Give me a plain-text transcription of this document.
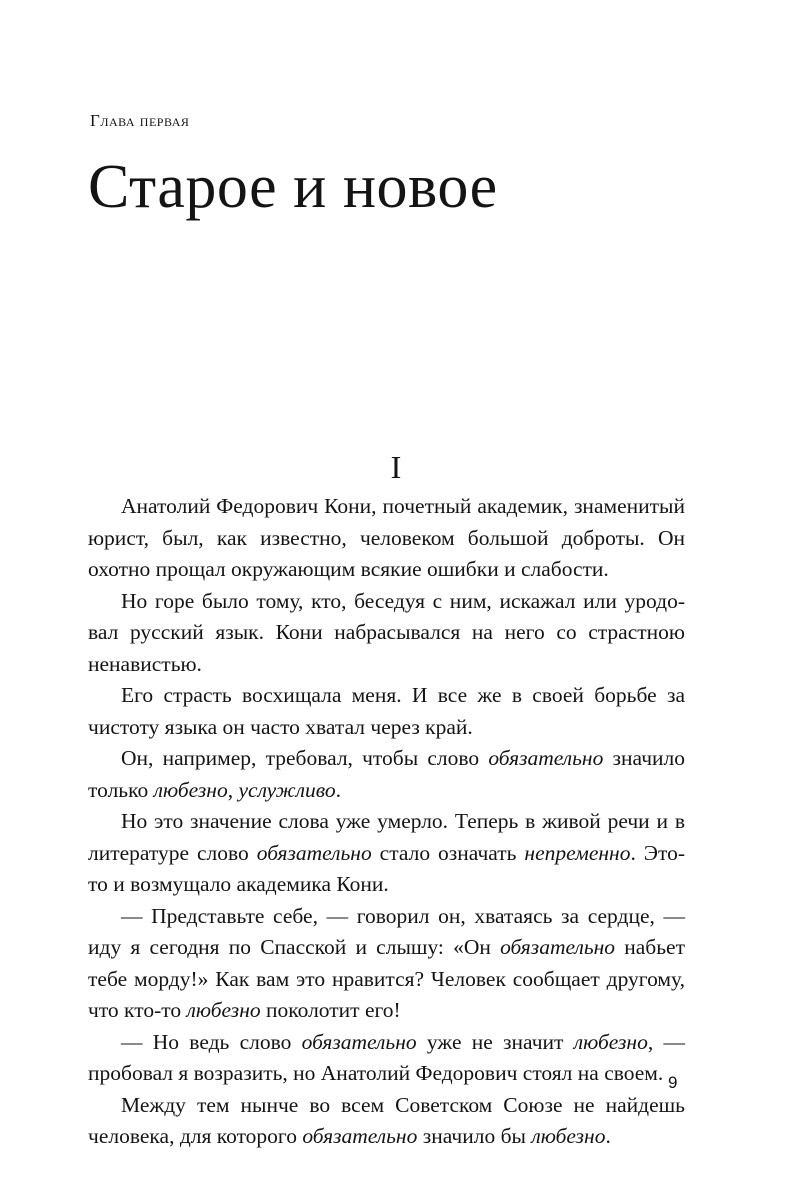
Глава первая
Старое и новое
I

Анатолий Федорович Кони, почетный академик, знаменитый юрист, был, как известно, человеком большой доброты. Он охотно прощал окружающим всякие ошибки и слабости.

Но горе было тому, кто, беседуя с ним, искажал или уродовал русский язык. Кони набрасывался на него со страстною ненавистью.

Его страсть восхищала меня. И все же в своей борьбе за чистоту языка он часто хватал через край.

Он, например, требовал, чтобы слово обязательно значило только любезно, услужливо.

Но это значение слова уже умерло. Теперь в живой речи и в литературе слово обязательно стало означать непременно. Это-то и возмущало академика Кони.

— Представьте себе, — говорил он, хватаясь за сердце, — иду я сегодня по Спасской и слышу: «Он обязательно набьет тебе морду!» Как вам это нравится? Человек сообщает другому, что кто-то любезно поколотит его!

— Но ведь слово обязательно уже не значит любезно, — пробовал я возразить, но Анатолий Федорович стоял на своем.

Между тем нынче во всем Советском Союзе не найдешь человека, для которого обязательно значило бы любезно.

9
